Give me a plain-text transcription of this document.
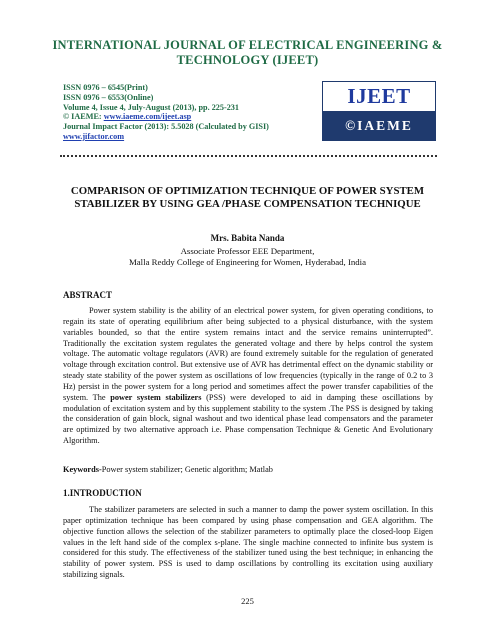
INTERNATIONAL JOURNAL OF ELECTRICAL ENGINEERING & TECHNOLOGY (IJEET)
ISSN 0976 – 6545(Print)
ISSN 0976 – 6553(Online)
Volume 4, Issue 4, July-August (2013), pp. 225-231
© IAEME: www.iaeme.com/ijeet.asp
Journal Impact Factor (2013): 5.5028 (Calculated by GISI)
www.jifactor.com
IJEET
©IAEME
COMPARISON OF OPTIMIZATION TECHNIQUE OF POWER SYSTEM STABILIZER BY USING GEA /PHASE COMPENSATION TECHNIQUE
Mrs. Babita Nanda
Associate Professor EEE Department,
Malla Reddy College of Engineering for Women, Hyderabad, India
ABSTRACT

Power system stability is the ability of an electrical power system, for given operating conditions, to regain its state of operating equilibrium after being subjected to a physical disturbance, with the system variables bounded, so that the entire system remains intact and the service remains uninterrupted”. Traditionally the excitation system regulates the generated voltage and there by helps control the system voltage. The automatic voltage regulators (AVR) are found extremely suitable for the regulation of generated voltage through excitation control. But extensive use of AVR has detrimental effect on the dynamic stability or steady state stability of the power system as oscillations of low frequencies (typically in the range of 0.2 to 3 Hz) persist in the power system for a long period and sometimes affect the power transfer capabilities of the system. The power system stabilizers (PSS) were developed to aid in damping these oscillations by modulation of excitation system and by this supplement stability to the system .The PSS is designed by taking the consideration of gain block, signal washout and two identical phase lead compensators and the parameter are optimized by two alternative approach i.e. Phase compensation Technique & Genetic And Evolutionary Algorithm.

Keywords-Power system stabilizer; Genetic algorithm; Matlab
1.INTRODUCTION

The stabilizer parameters are selected in such a manner to damp the power system oscillation. In this paper optimization technique has been compared by using phase compensation and GEA algorithm. The objective function allows the selection of the stabilizer parameters to optimally place the closed-loop Eigen values in the left hand side of the complex s-plane. The single machine connected to infinite bus system is considered for this study. The effectiveness of the stabilizer tuned using the best technique; in enhancing the stability of power system. PSS is used to damp oscillations by controlling its excitation using auxiliary stabilizing signals.

225
